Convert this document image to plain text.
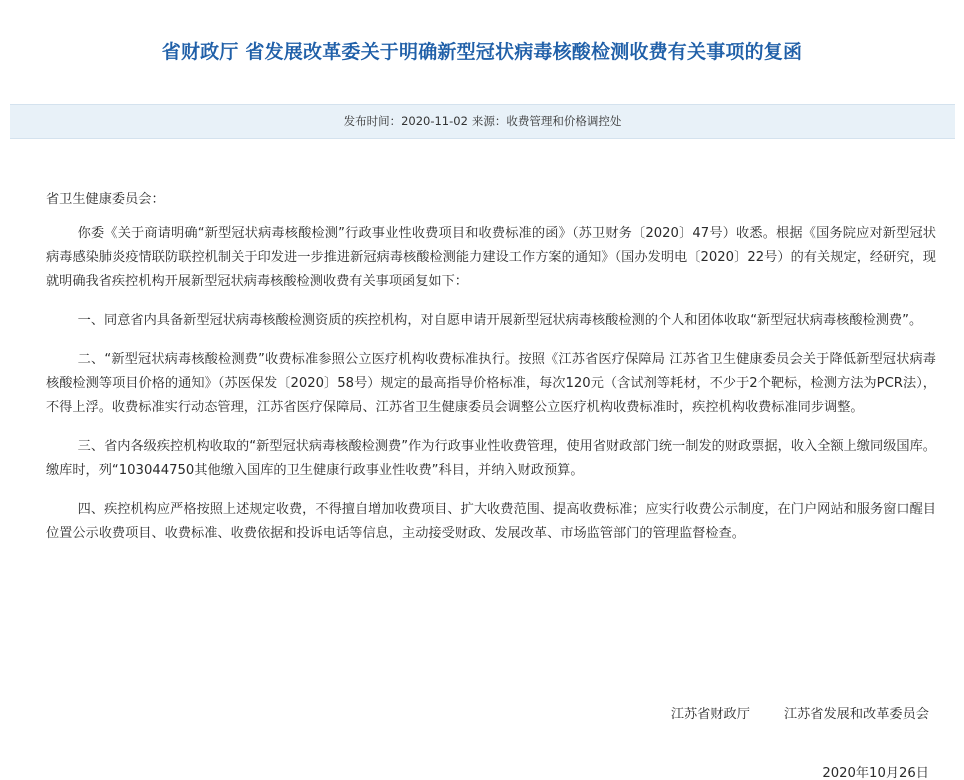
省财政厅 省发展改革委关于明确新型冠状病毒核酸检测收费有关事项的复函
发布时间：2020-11-02 来源：收费管理和价格调控处

省卫生健康委员会：

你委《关于商请明确“新型冠状病毒核酸检测”行政事业性收费项目和收费标准的函》（苏卫财务〔2020〕47号）收悉。根据《国务院应对新型冠状病毒感染肺炎疫情联防联控机制关于印发进一步推进新冠病毒核酸检测能力建设工作方案的通知》（国办发明电〔2020〕22号）的有关规定，经研究，现就明确我省疾控机构开展新型冠状病毒核酸检测收费有关事项函复如下：

一、同意省内具备新型冠状病毒核酸检测资质的疾控机构，对自愿申请开展新型冠状病毒核酸检测的个人和团体收取“新型冠状病毒核酸检测费”。

二、“新型冠状病毒核酸检测费”收费标准参照公立医疗机构收费标准执行。按照《江苏省医疗保障局 江苏省卫生健康委员会关于降低新型冠状病毒核酸检测等项目价格的通知》（苏医保发〔2020〕58号）规定的最高指导价格标准，每次120元（含试剂等耗材，不少于2个靶标，检测方法为PCR法），不得上浮。收费标准实行动态管理，江苏省医疗保障局、江苏省卫生健康委员会调整公立医疗机构收费标准时，疾控机构收费标准同步调整。

三、省内各级疾控机构收取的“新型冠状病毒核酸检测费”作为行政事业性收费管理，使用省财政部门统一制发的财政票据，收入全额上缴同级国库。缴库时，列“103044750其他缴入国库的卫生健康行政事业性收费”科目，并纳入财政预算。

四、疾控机构应严格按照上述规定收费，不得擅自增加收费项目、扩大收费范围、提高收费标准；应实行收费公示制度，在门户网站和服务窗口醒目位置公示收费项目、收费标准、收费依据和投诉电话等信息，主动接受财政、发展改革、市场监管部门的管理监督检查。

江苏省财政厅	江苏省发展和改革委员会
2020年10月26日
